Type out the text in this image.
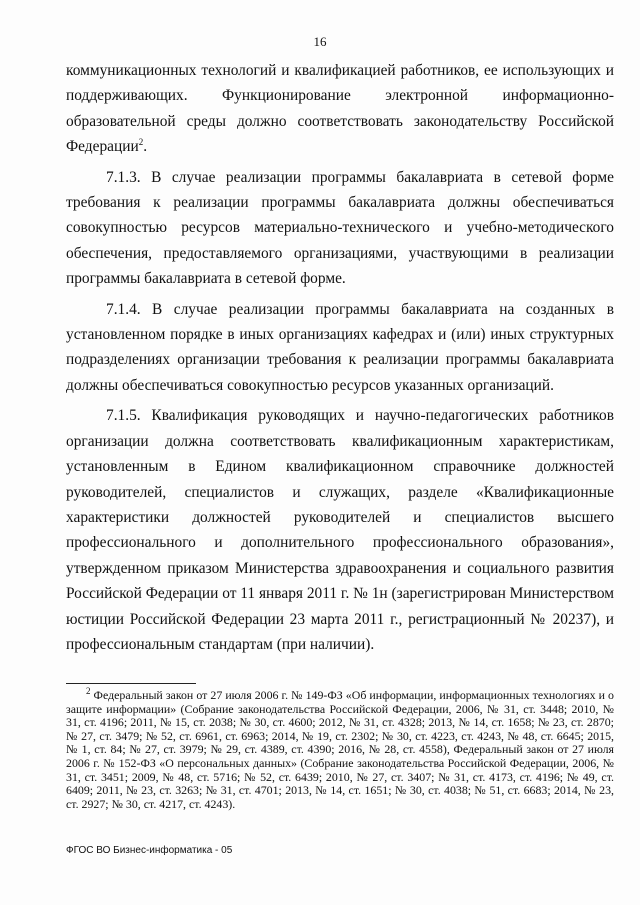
16

коммуникационных технологий и квалификацией работников, ее использующих и поддерживающих. Функционирование электронной информационно-образовательной среды должно соответствовать законодательству Российской Федерации$^2$.

7.1.3. В случае реализации программы бакалавриата в сетевой форме требования к реализации программы бакалавриата должны обеспечиваться совокупностью ресурсов материально-технического и учебно-методического обеспечения, предоставляемого организациями, участвующими в реализации программы бакалавриата в сетевой форме.

7.1.4. В случае реализации программы бакалавриата на созданных в установленном порядке в иных организациях кафедрах и (или) иных структурных подразделениях организации требования к реализации программы бакалавриата должны обеспечиваться совокупностью ресурсов указанных организаций.

7.1.5. Квалификация руководящих и научно-педагогических работников организации должна соответствовать квалификационным характеристикам, установленным в Едином квалификационном справочнике должностей руководителей, специалистов и служащих, разделе «Квалификационные характеристики должностей руководителей и специалистов высшего профессионального и дополнительного профессионального образования», утвержденном приказом Министерства здравоохранения и социального развития Российской Федерации от 11 января 2011 г. № 1н (зарегистрирован Министерством юстиции Российской Федерации 23 марта 2011 г., регистрационный № 20237), и профессиональным стандартам (при наличии).

$^2$ Федеральный закон от 27 июля 2006 г. № 149-ФЗ «Об информации, информационных технологиях и о защите информации» (Собрание законодательства Российской Федерации, 2006, № 31, ст. 3448; 2010, № 31, ст. 4196; 2011, № 15, ст. 2038; № 30, ст. 4600; 2012, № 31, ст. 4328; 2013, № 14, ст. 1658; № 23, ст. 2870; № 27, ст. 3479; № 52, ст. 6961, ст. 6963; 2014, № 19, ст. 2302; № 30, ст. 4223, ст. 4243, № 48, ст. 6645; 2015, № 1, ст. 84; № 27, ст. 3979; № 29, ст. 4389, ст. 4390; 2016, № 28, ст. 4558), Федеральный закон от 27 июля 2006 г. № 152-ФЗ «О персональных данных» (Собрание законодательства Российской Федерации, 2006, № 31, ст. 3451; 2009, № 48, ст. 5716; № 52, ст. 6439; 2010, № 27, ст. 3407; № 31, ст. 4173, ст. 4196; № 49, ст. 6409; 2011, № 23, ст. 3263; № 31, ст. 4701; 2013, № 14, ст. 1651; № 30, ст. 4038; № 51, ст. 6683; 2014, № 23, ст. 2927; № 30, ст. 4217, ст. 4243).

ФГОС ВО Бизнес-информатика - 05
